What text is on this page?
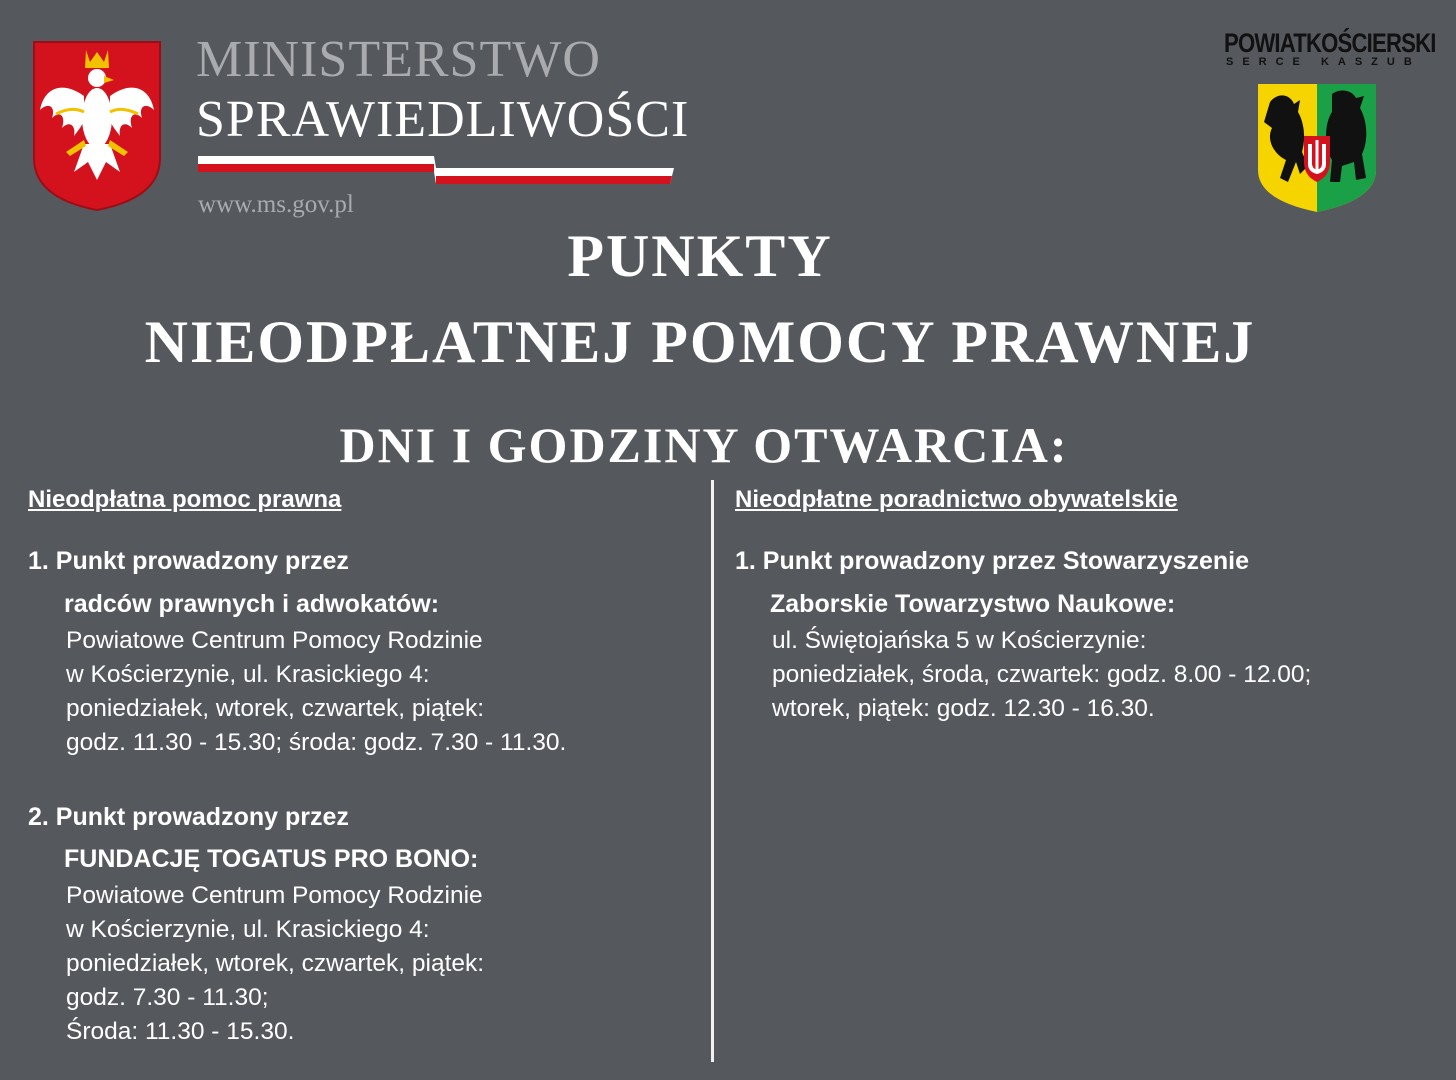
MINISTERSTWO
SPRAWIEDLIWOŚCI
www.ms.gov.pl
POWIATKOŚCIERSKI
SERCE KASZUB
PUNKTY
NIEODPŁATNEJ POMOCY PRAWNEJ
DNI I GODZINY OTWARCIA:
Nieodpłatna pomoc prawna
1. Punkt prowadzony przez
radców prawnych i adwokatów:
Powiatowe Centrum Pomocy Rodzinie
w Kościerzynie, ul. Krasickiego 4:
poniedziałek, wtorek, czwartek, piątek:
godz. 11.30 - 15.30; środa: godz. 7.30 - 11.30.
2. Punkt prowadzony przez
FUNDACJĘ TOGATUS PRO BONO:
Powiatowe Centrum Pomocy Rodzinie
w Kościerzynie, ul. Krasickiego 4:
poniedziałek, wtorek, czwartek, piątek:
godz. 7.30 - 11.30;
Środa: 11.30 - 15.30.
Nieodpłatne poradnictwo obywatelskie
1. Punkt prowadzony przez Stowarzyszenie
Zaborskie Towarzystwo Naukowe:
ul. Świętojańska 5 w Kościerzynie:
poniedziałek, środa, czwartek: godz. 8.00 - 12.00;
wtorek, piątek: godz. 12.30 - 16.30.
